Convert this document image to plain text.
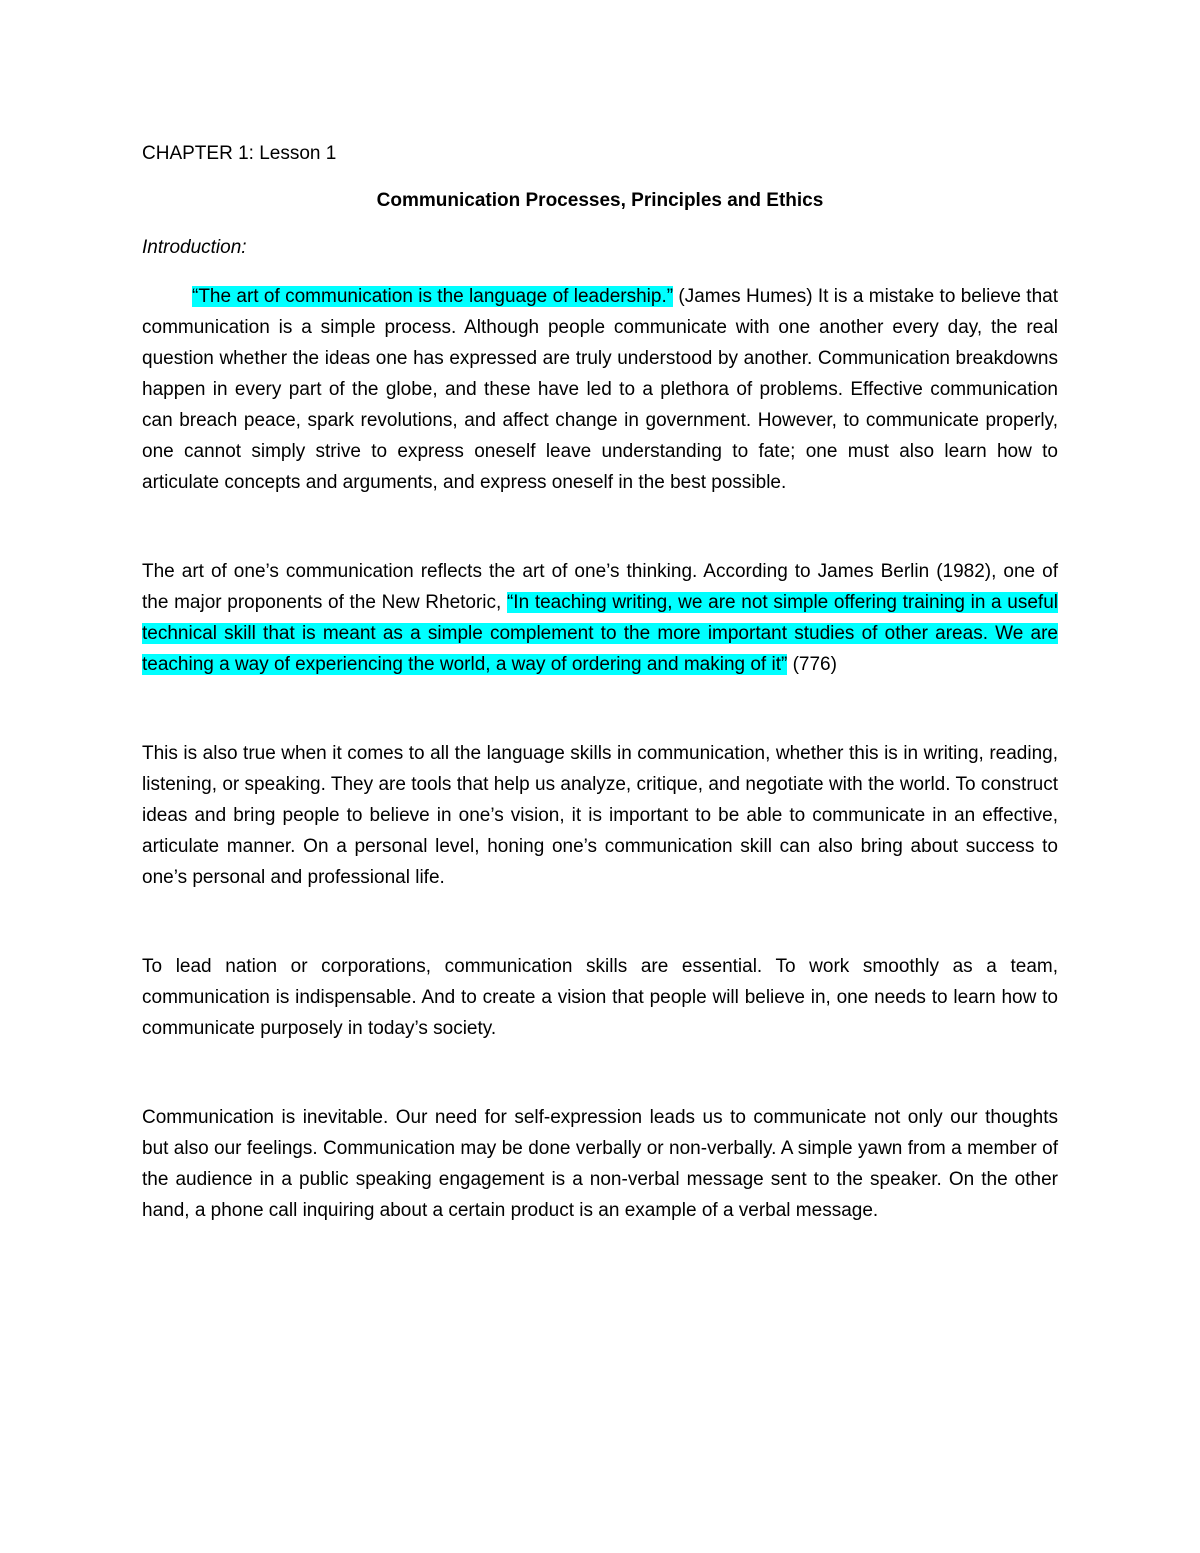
CHAPTER 1: Lesson 1

Communication Processes, Principles and Ethics

Introduction:

“The art of communication is the language of leadership.” (James Humes) It is a mistake to believe that communication is a simple process. Although people communicate with one another every day, the real question whether the ideas one has expressed are truly understood by another. Communication breakdowns happen in every part of the globe, and these have led to a plethora of problems. Effective communication can breach peace, spark revolutions, and affect change in government. However, to communicate properly, one cannot simply strive to express oneself leave understanding to fate; one must also learn how to articulate concepts and arguments, and express oneself in the best possible.

The art of one’s communication reflects the art of one’s thinking. According to James Berlin (1982), one of the major proponents of the New Rhetoric, “In teaching writing, we are not simple offering training in a useful technical skill that is meant as a simple complement to the more important studies of other areas. We are teaching a way of experiencing the world, a way of ordering and making of it” (776)

This is also true when it comes to all the language skills in communication, whether this is in writing, reading, listening, or speaking. They are tools that help us analyze, critique, and negotiate with the world. To construct ideas and bring people to believe in one’s vision, it is important to be able to communicate in an effective, articulate manner. On a personal level, honing one’s communication skill can also bring about success to one’s personal and professional life.

To lead nation or corporations, communication skills are essential. To work smoothly as a team, communication is indispensable. And to create a vision that people will believe in, one needs to learn how to communicate purposely in today’s society.

Communication is inevitable. Our need for self-expression leads us to communicate not only our thoughts but also our feelings. Communication may be done verbally or non-verbally. A simple yawn from a member of the audience in a public speaking engagement is a non-verbal message sent to the speaker. On the other hand, a phone call inquiring about a certain product is an example of a verbal message.
